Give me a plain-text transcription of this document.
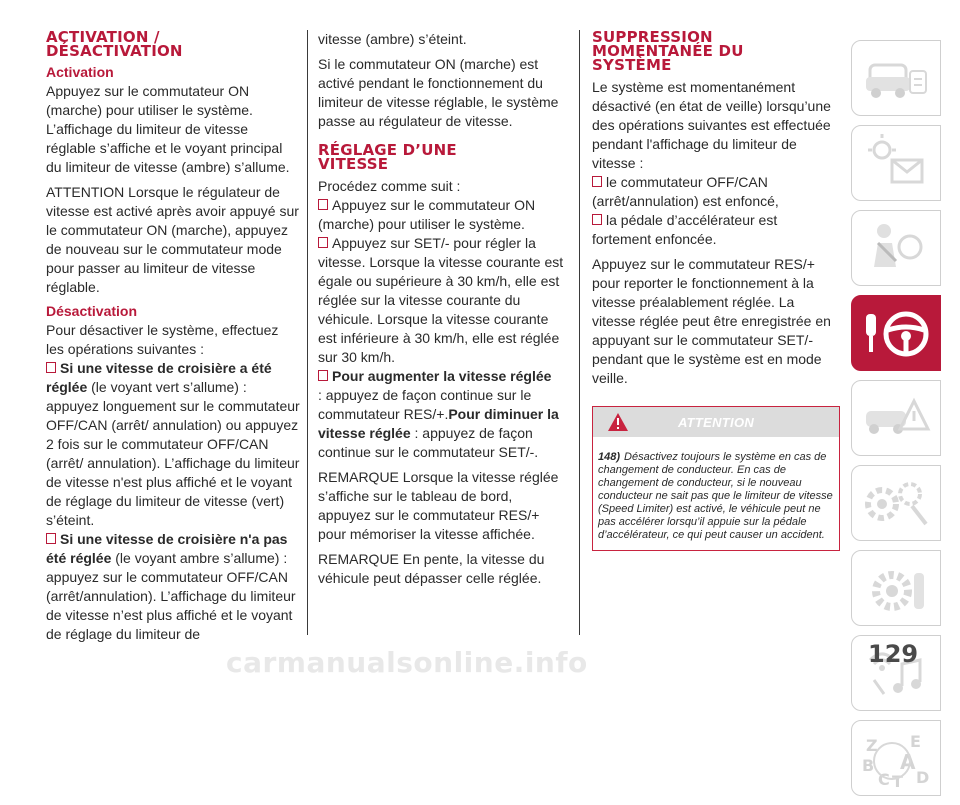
ACTIVATION /
DÉSACTIVATION
Activation

Appuyez sur le commutateur ON (marche) pour utiliser le système. L’affichage du limiteur de vitesse réglable s’affiche et le voyant principal du limiteur de vitesse (ambre) s’allume.

ATTENTION Lorsque le régulateur de vitesse est activé après avoir appuyé sur le commutateur ON (marche), appuyez de nouveau sur le commutateur mode pour passer au limiteur de vitesse réglable.

Désactivation

Pour désactiver le système, effectuez les opérations suivantes :

Si une vitesse de croisière a été réglée (le voyant vert s’allume) : appuyez longuement sur le commutateur OFF/CAN (arrêt/ annulation) ou appuyez 2 fois sur le commutateur OFF/CAN (arrêt/ annulation). L’affichage du limiteur de vitesse n'est plus affiché et le voyant de réglage du limiteur de vitesse (vert) s’éteint.

Si une vitesse de croisière n'a pas été réglée (le voyant ambre s’allume) : appuyez sur le commutateur OFF/CAN (arrêt/annulation). L’affichage du limiteur de vitesse n’est plus affiché et le voyant de réglage du limiteur de

vitesse (ambre) s’éteint.

Si le commutateur ON (marche) est activé pendant le fonctionnement du limiteur de vitesse réglable, le système passe au régulateur de vitesse.

RÉGLAGE D’UNE
VITESSE

Procédez comme suit :

Appuyez sur le commutateur ON (marche) pour utiliser le système.

Appuyez sur SET/- pour régler la vitesse. Lorsque la vitesse courante est égale ou supérieure à 30 km/h, elle est réglée sur la vitesse courante du véhicule. Lorsque la vitesse courante est inférieure à 30 km/h, elle est réglée sur 30 km/h.

Pour augmenter la vitesse réglée
: appuyez de façon continue sur le commutateur RES/+.Pour diminuer la vitesse réglée : appuyez de façon continue sur le commutateur SET/-.

REMARQUE Lorsque la vitesse réglée s’affiche sur le tableau de bord, appuyez sur le commutateur RES/+ pour mémoriser la vitesse affichée.

REMARQUE En pente, la vitesse du véhicule peut dépasser celle réglée.

SUPPRESSION
MOMENTANÉE DU
SYSTÈME

Le système est momentanément désactivé (en état de veille) lorsqu’une des opérations suivantes est effectuée pendant l'affichage du limiteur de vitesse :

le commutateur OFF/CAN (arrêt/annulation) est enfoncé,

la pédale d’accélérateur est fortement enfoncée.

Appuyez sur le commutateur RES/+ pour reporter le fonctionnement à la vitesse préalablement réglée. La vitesse réglée peut être enregistrée en appuyant sur le commutateur SET/- pendant que le système est en mode veille.

ATTENTION
148) Désactivez toujours le système en cas de changement de conducteur. En cas de changement de conducteur, si le nouveau conducteur ne sait pas que le limiteur de vitesse (Speed Limiter) est activé, le véhicule peut ne pas accélérer lorsqu’il appuie sur la pédale d’accélérateur, ce qui peut causer un accident.
Z E
B A
C T D
carmanualsonline.info	129
